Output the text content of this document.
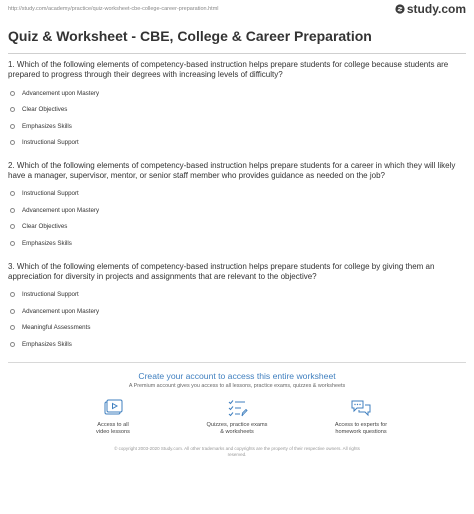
http://study.com/academy/practice/quiz-worksheet-cbe-college-career-preparation.html	study.com
Quiz & Worksheet - CBE, College & Career Preparation

1. Which of the following elements of competency-based instruction helps prepare students for college because students are prepared to progress through their degrees with increasing levels of difficulty?

Advancement upon Mastery
Clear Objectives
Emphasizes Skills
Instructional Support

2. Which of the following elements of competency-based instruction helps prepare students for a career in which they will likely have a manager, supervisor, mentor, or senior staff member who provides guidance as needed on the job?

Instructional Support
Advancement upon Mastery
Clear Objectives
Emphasizes Skills

3. Which of the following elements of competency-based instruction helps prepare students for college by giving them an appreciation for diversity in projects and assignments that are relevant to the objective?

Instructional Support
Advancement upon Mastery
Meaningful Assessments
Emphasizes Skills
Create your account to access this entire worksheet
A Premium account gives you access to all lessons, practice exams, quizzes & worksheets
Access to all
video lessons
Quizzes, practice exams
& worksheets
Access to experts for
homework questions
© copyright 2003-2020 Study.com. All other trademarks and copyrights are the property of their respective owners. All rights
reserved.
